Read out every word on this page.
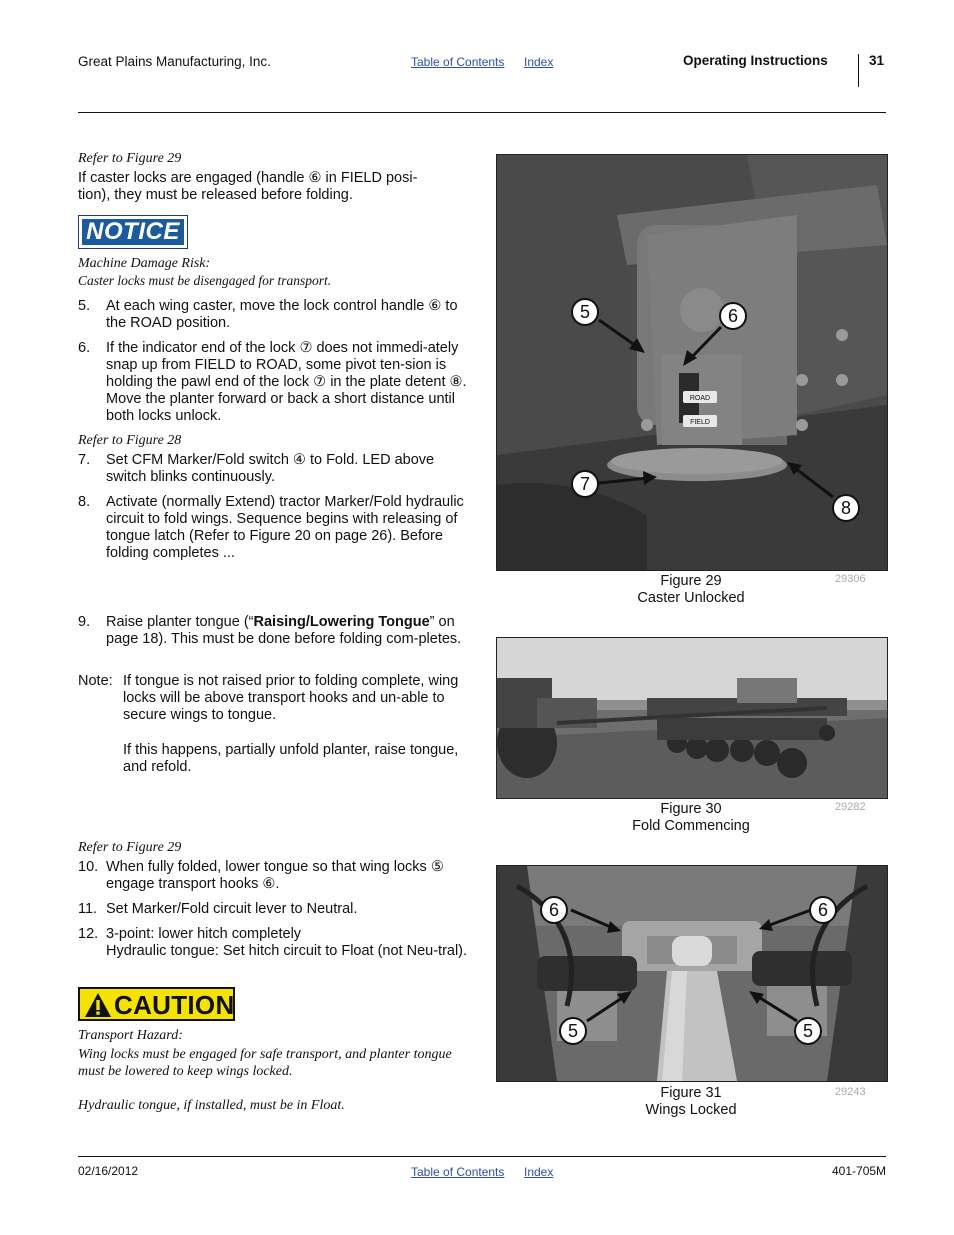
Great Plains Manufacturing, Inc.	Table of Contents Index	Operating Instructions	31
Refer to Figure 29
If caster locks are engaged (handle ⑥ in FIELD posi-
tion), they must be released before folding.
NOTICE
Machine Damage Risk:
Caster locks must be disengaged for transport.
5. At each wing caster, move the lock control handle ⑥ to the ROAD position.
6. If the indicator end of the lock ⑦ does not immedi-ately snap up from FIELD to ROAD, some pivot ten-sion is holding the pawl end of the lock ⑦ in the plate detent ⑧. Move the planter forward or back a short distance until both locks unlock.
Refer to Figure 28
7. Set CFM Marker/Fold switch ④ to Fold. LED above switch blinks continuously.
8. Activate (normally Extend) tractor Marker/Fold hydraulic circuit to fold wings. Sequence begins with releasing of tongue latch (Refer to Figure 20 on page 26). Before folding completes ...
9. Raise planter tongue (“Raising/Lowering Tongue” on page 18). This must be done before folding com-pletes.
Note: If tongue is not raised prior to folding complete, wing locks will be above transport hooks and un-able to secure wings to tongue.
If this happens, partially unfold planter, raise tongue, and refold.
Refer to Figure 29
10. When fully folded, lower tongue so that wing locks ⑤ engage transport hooks ⑥.
11. Set Marker/Fold circuit lever to Neutral.
12. 3-point: lower hitch completely
Hydraulic tongue: Set hitch circuit to Float (not Neu-tral).
CAUTION
Transport Hazard:
Wing locks must be engaged for safe transport, and planter tongue must be lowered to keep wings locked.
Hydraulic tongue, if installed, must be in Float.
ROAD
FIELD
5	6
7
8
Figure 29
Caster Unlocked
29306
Figure 30
Fold Commencing
29282
6	6
5	5
Figure 31
Wings Locked
29243
02/16/2012	Table of Contents Index	401-705M
